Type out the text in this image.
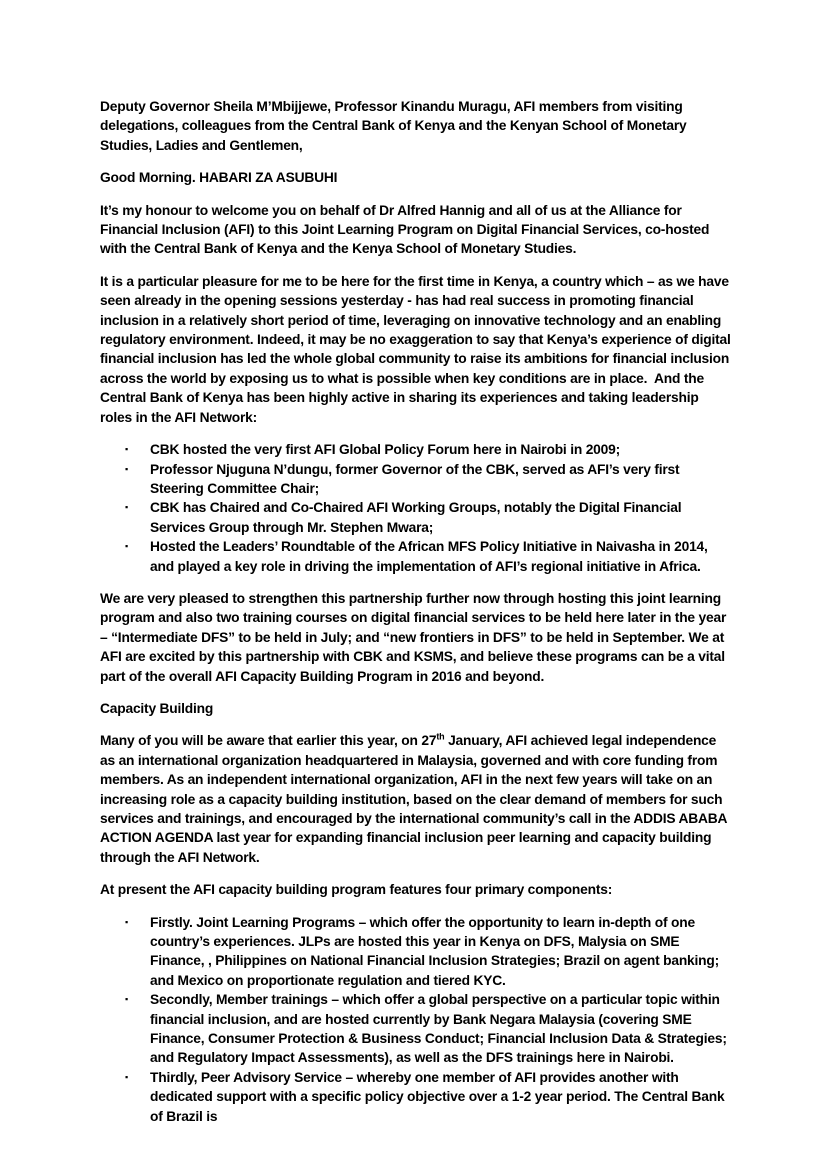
Deputy Governor Sheila M’Mbijjewe, Professor Kinandu Muragu, AFI members from visiting delegations, colleagues from the Central Bank of Kenya and the Kenyan School of Monetary Studies, Ladies and Gentlemen,

Good Morning. HABARI ZA ASUBUHI

It’s my honour to welcome you on behalf of Dr Alfred Hannig and all of us at the Alliance for Financial Inclusion (AFI) to this Joint Learning Program on Digital Financial Services, co-hosted with the Central Bank of Kenya and the Kenya School of Monetary Studies.

It is a particular pleasure for me to be here for the first time in Kenya, a country which – as we have seen already in the opening sessions yesterday - has had real success in promoting financial inclusion in a relatively short period of time, leveraging on innovative technology and an enabling regulatory environment. Indeed, it may be no exaggeration to say that Kenya’s experience of digital financial inclusion has led the whole global community to raise its ambitions for financial inclusion across the world by exposing us to what is possible when key conditions are in place.  And the Central Bank of Kenya has been highly active in sharing its experiences and taking leadership roles in the AFI Network:

▪	CBK hosted the very first AFI Global Policy Forum here in Nairobi in 2009;
▪	Professor Njuguna N’dungu, former Governor of the CBK, served as AFI’s very first Steering Committee Chair;
▪	CBK has Chaired and Co-Chaired AFI Working Groups, notably the Digital Financial Services Group through Mr. Stephen Mwara;
▪	Hosted the Leaders’ Roundtable of the African MFS Policy Initiative in Naivasha in 2014, and played a key role in driving the implementation of AFI’s regional initiative in Africa.

We are very pleased to strengthen this partnership further now through hosting this joint learning program and also two training courses on digital financial services to be held here later in the year – “Intermediate DFS” to be held in July; and “new frontiers in DFS” to be held in September. We at AFI are excited by this partnership with CBK and KSMS, and believe these programs can be a vital part of the overall AFI Capacity Building Program in 2016 and beyond.

Capacity Building

Many of you will be aware that earlier this year, on 27th January, AFI achieved legal independence as an international organization headquartered in Malaysia, governed and with core funding from members. As an independent international organization, AFI in the next few years will take on an increasing role as a capacity building institution, based on the clear demand of members for such services and trainings, and encouraged by the international community’s call in the ADDIS ABABA ACTION AGENDA last year for expanding financial inclusion peer learning and capacity building through the AFI Network.

At present the AFI capacity building program features four primary components:

▪	Firstly. Joint Learning Programs – which offer the opportunity to learn in-depth of one country’s experiences. JLPs are hosted this year in Kenya on DFS, Malysia on SME Finance, , Philippines on National Financial Inclusion Strategies; Brazil on agent banking; and Mexico on proportionate regulation and tiered KYC.
▪	Secondly, Member trainings – which offer a global perspective on a particular topic within financial inclusion, and are hosted currently by Bank Negara Malaysia (covering SME Finance, Consumer Protection & Business Conduct; Financial Inclusion Data & Strategies; and Regulatory Impact Assessments), as well as the DFS trainings here in Nairobi.
▪	Thirdly, Peer Advisory Service – whereby one member of AFI provides another with dedicated support with a specific policy objective over a 1-2 year period. The Central Bank of Brazil is
